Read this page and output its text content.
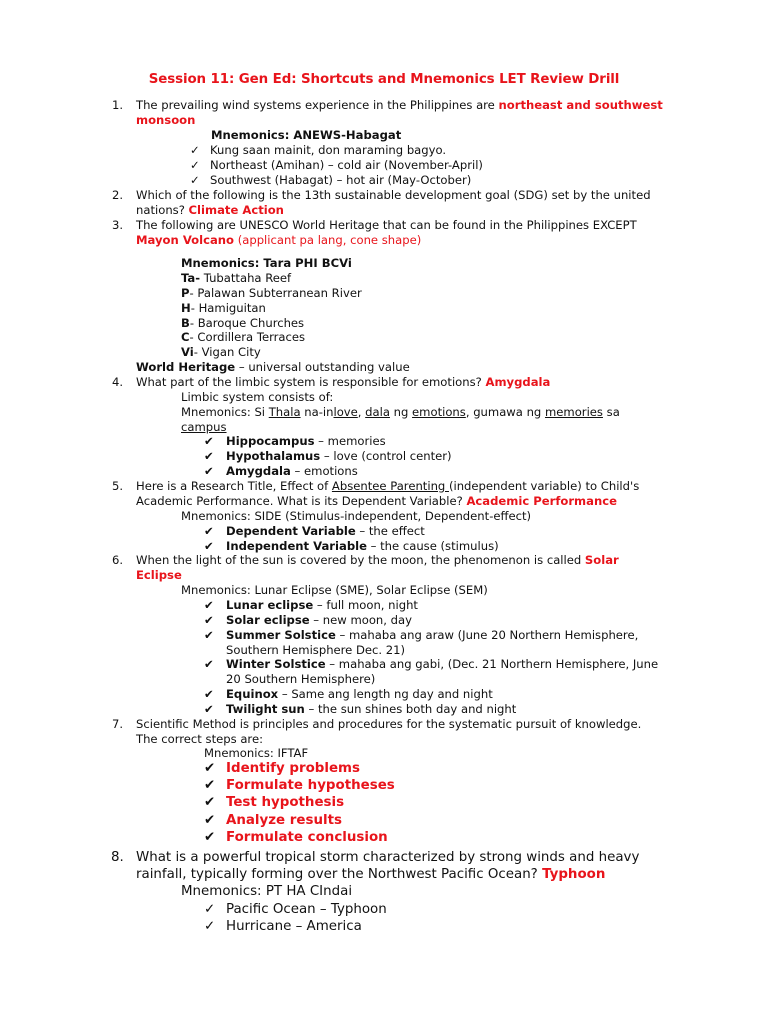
Session 11: Gen Ed: Shortcuts and Mnemonics LET Review Drill
1. The prevailing wind systems experience in the Philippines are northeast and southwest
monsoon
Mnemonics: ANEWS-Habagat
✓ Kung saan mainit, don maraming bagyo.
✓ Northeast (Amihan) – cold air (November-April)
✓ Southwest (Habagat) – hot air (May-October)
2. Which of the following is the 13th sustainable development goal (SDG) set by the united
nations? Climate Action
3. The following are UNESCO World Heritage that can be found in the Philippines EXCEPT
Mayon Volcano (applicant pa lang, cone shape)
Mnemonics: Tara PHI BCVi
Ta- Tubattaha Reef
P- Palawan Subterranean River
H- Hamiguitan
B- Baroque Churches
C- Cordillera Terraces
Vi- Vigan City
World Heritage – universal outstanding value
4. What part of the limbic system is responsible for emotions? Amygdala
Limbic system consists of:
Mnemonics: Si Thala na-inlove, dala ng emotions, gumawa ng memories sa
campus
✔ Hippocampus – memories
✔ Hypothalamus – love (control center)
✔ Amygdala – emotions
5. Here is a Research Title, Effect of Absentee Parenting (independent variable) to Child's
Academic Performance. What is its Dependent Variable? Academic Performance
Mnemonics: SIDE (Stimulus-independent, Dependent-effect)
✔ Dependent Variable – the effect
✔ Independent Variable – the cause (stimulus)
6. When the light of the sun is covered by the moon, the phenomenon is called Solar
Eclipse
Mnemonics: Lunar Eclipse (SME), Solar Eclipse (SEM)
✔ Lunar eclipse – full moon, night
✔ Solar eclipse – new moon, day
✔ Summer Solstice – mahaba ang araw (June 20 Northern Hemisphere,
Southern Hemisphere Dec. 21)
✔ Winter Solstice – mahaba ang gabi, (Dec. 21 Northern Hemisphere, June
20 Southern Hemisphere)
✔ Equinox – Same ang length ng day and night
✔ Twilight sun – the sun shines both day and night
7. Scientific Method is principles and procedures for the systematic pursuit of knowledge.
The correct steps are:
Mnemonics: IFTAF
✔ Identify problems
✔ Formulate hypotheses
✔ Test hypothesis
✔ Analyze results
✔ Formulate conclusion
8. What is a powerful tropical storm characterized by strong winds and heavy
rainfall, typically forming over the Northwest Pacific Ocean? Typhoon
Mnemonics: PT HA CIndai
✓ Pacific Ocean – Typhoon
✓ Hurricane – America
